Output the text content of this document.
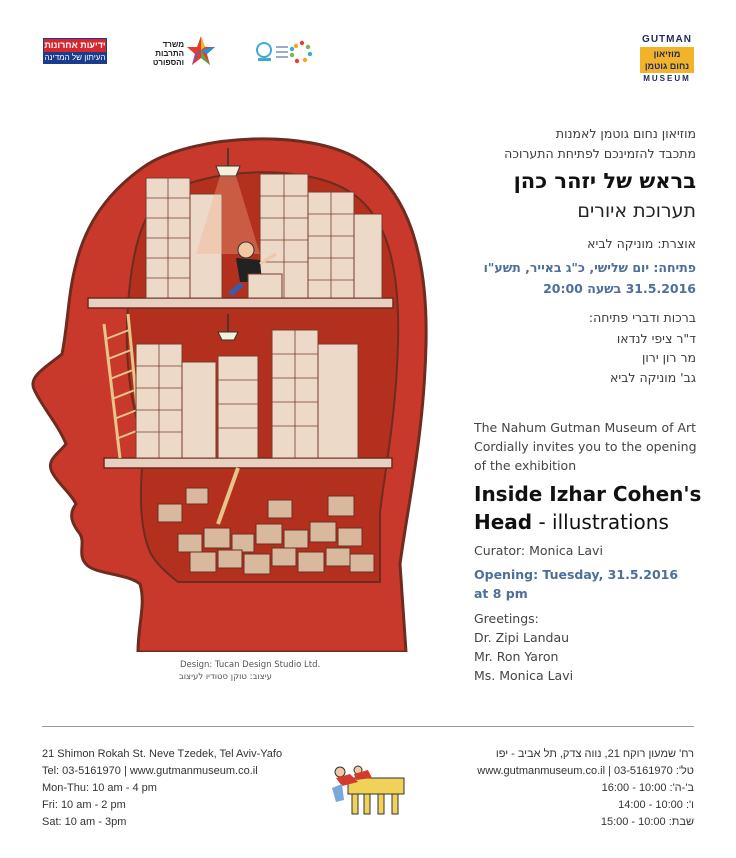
ידיעות אחרונות
העיתון של המדינה
משרד התרבות והספורט
GUTMAN
מוזיאון
נחום גוטמן
MUSEUM
מוזיאון נחום גוטמן לאמנות
מתכבד להזמינכם לפתיחת התערוכה
בראש של יזהר כהן
תערוכת איורים
אוצרת: מוניקה לביא
פתיחה: יום שלישי, כ"ג באייר, תשע"ו
31.5.2016 בשעה 20:00
ברכות ודברי פתיחה:
ד"ר ציפי לנדאו
מר רון ירון
גב' מוניקה לביא
The Nahum Gutman Museum of Art
Cordially invites you to the opening
of the exhibition
Inside Izhar Cohen's
Head - illustrations
Curator: Monica Lavi
Opening: Tuesday, 31.5.2016
at 8 pm
Greetings:
Dr. Zipi Landau
Mr. Ron Yaron
Ms. Monica Lavi
Design: Tucan Design Studio Ltd.
עיצוב: טוקן סטודיו לעיצוב
21 Shimon Rokah St. Neve Tzedek, Tel Aviv-Yafo
Tel: 03-5161970 | www.gutmanmuseum.co.il
Mon-Thu: 10 am - 4 pm
Fri: 10 am - 2 pm
Sat: 10 am - 3pm
רח' שמעון רוקח 21, נווה צדק, תל אביב - יפו
טל': 03-5161970 | www.gutmanmuseum.co.il
ב'-ה': 10:00 - 16:00
ו': 10:00 - 14:00
שבת: 10:00 - 15:00
